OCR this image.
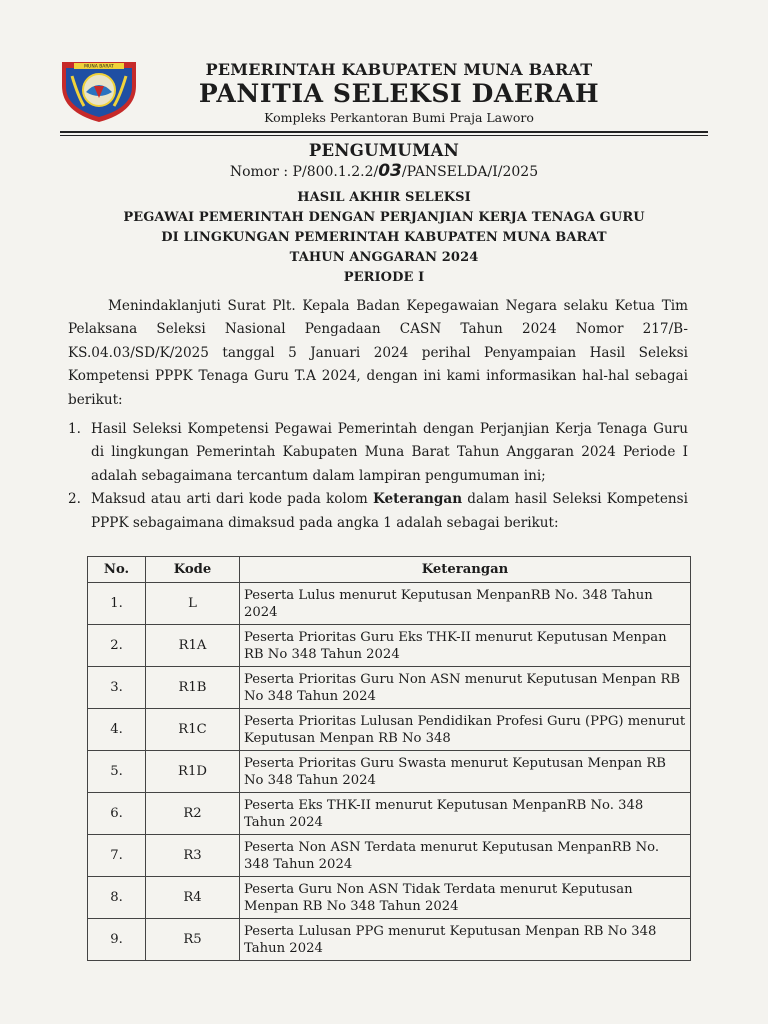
MUNA BARAT	PEMERINTAH KABUPATEN MUNA BARAT
PANITIA SELEKSI DAERAH
Kompleks Perkantoran Bumi Praja Laworo
PENGUMUMAN
Nomor : P/800.1.2.2/03/PANSELDA/I/2025
HASIL AKHIR SELEKSI
PEGAWAI PEMERINTAH DENGAN PERJANJIAN KERJA TENAGA GURU
DI LINGKUNGAN PEMERINTAH KABUPATEN MUNA BARAT
TAHUN ANGGARAN 2024
PERIODE I
Menindaklanjuti Surat Plt. Kepala Badan Kepegawaian Negara selaku Ketua Tim Pelaksana Seleksi Nasional Pengadaan CASN Tahun 2024 Nomor 217/B-KS.04.03/SD/K/2025 tanggal 5 Januari 2024 perihal Penyampaian Hasil Seleksi Kompetensi PPPK Tenaga Guru T.A 2024, dengan ini kami informasikan hal-hal sebagai berikut:
1. Hasil Seleksi Kompetensi Pegawai Pemerintah dengan Perjanjian Kerja Tenaga Guru di lingkungan Pemerintah Kabupaten Muna Barat Tahun Anggaran 2024 Periode I adalah sebagaimana tercantum dalam lampiran pengumuman ini;
2. Maksud atau arti dari kode pada kolom Keterangan dalam hasil Seleksi Kompetensi PPPK sebagaimana dimaksud pada angka 1 adalah sebagai berikut:
No.	Kode	Keterangan
1.	L	Peserta Lulus menurut Keputusan MenpanRB No. 348 Tahun 2024
2.	R1A	Peserta Prioritas Guru Eks THK-II menurut Keputusan Menpan RB No 348 Tahun 2024
3.	R1B	Peserta Prioritas Guru Non ASN menurut Keputusan Menpan RB No 348 Tahun 2024
4.	R1C	Peserta Prioritas Lulusan Pendidikan Profesi Guru (PPG) menurut Keputusan Menpan RB No 348
5.	R1D	Peserta Prioritas Guru Swasta menurut Keputusan Menpan RB No 348 Tahun 2024
6.	R2	Peserta Eks THK-II menurut Keputusan MenpanRB No. 348 Tahun 2024
7.	R3	Peserta Non ASN Terdata menurut Keputusan MenpanRB No. 348 Tahun 2024
8.	R4	Peserta Guru Non ASN Tidak Terdata menurut Keputusan Menpan RB No 348 Tahun 2024
9.	R5	Peserta Lulusan PPG menurut Keputusan Menpan RB No 348 Tahun 2024
